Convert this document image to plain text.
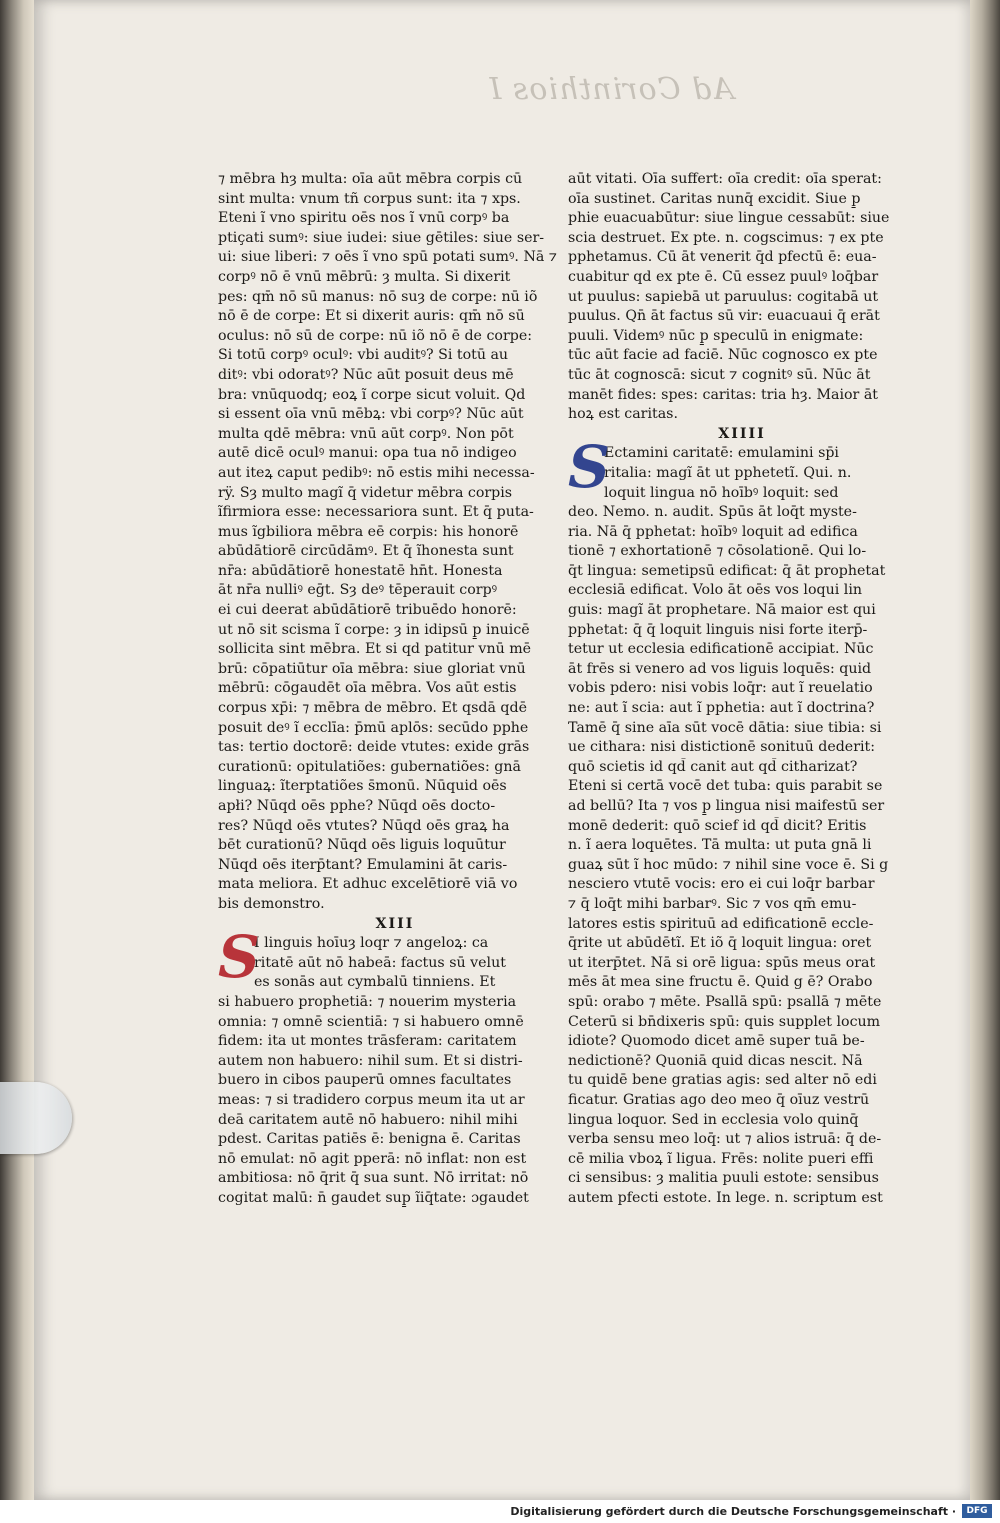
Ad Corinthios I
⁊ mēbra hȝ multa: oīa aūt mēbra corpis cū
sint multa: vnum tñ corpus sunt: ita ⁊ xps.
Eteni ĩ vno spiritu oēs nos ĩ vnū corpꝰ ba
ptiçati sumꝰ: siue iudei: siue gētiles: siue ser-
ui: siue liberi: ⁊ oēs ĩ vno spū potati sumꝰ. Nā ⁊
corpꝰ nō ē vnū mēbrū: ȝ multa. Si dixerit
pes: qm̄ nō sū manus: nō suȝ de corpe: nū iõ
nō ē de corpe: Et si dixerit auris: qm̄ nō sū
oculus: nō sū de corpe: nū iõ nō ē de corpe:
Si totū corpꝰ oculꝰ: vbi auditꝰ? Si totū au
ditꝰ: vbi odoratꝰ? Nūc aūt posuit deus mē
bra: vnūquodq; eoꝝ ĩ corpe sicut voluit. Qd
si essent oīa vnū mēbꝝ: vbi corpꝰ? Nūc aūt
multa qdē mēbra: vnū aūt corpꝰ. Non pōt
autē dicē oculꝰ manui: opa tua nō indigeo
aut iteꝝ caput pedibꝰ: nō estis mihi necessa-
rÿ. Sȝ multo magĩ q̄ videtur mēbra corpis
ĩfirmiora esse: necessariora sunt. Et q̄ puta-
mus ĩgbiliora mēbra eē corpis: his honorē
abūdātiorē circūdāmꝰ. Et q̄ ĩhonesta sunt
nr̄a: abūdātiorē honestatē hn̄t. Honesta
āt nr̄a nulliꝰ eḡt. Sȝ deꝰ tēperauit corpꝰ
ei cui deerat abūdātiorē tribuēdo honorē:
ut nō sit scisma ĩ corpe: ȝ in idipsū p̱ inuicē
sollicita sint mēbra. Et si qd patitur vnū mē
brū: cōpatiūtur oīa mēbra: siue gloriat vnū
mēbrū: cōgaudēt oīa mēbra. Vos aūt estis
corpus xp̄i: ⁊ mēbra de mēbro. Et qsdā qdē
posuit deꝰ ĩ ecclīa: p̄mū aplōs: secūdo pphe
tas: tertio doctorē: deide vtutes: exide grās
curationū: opitulatiões: gubernatiões: gnā
linguaꝝ: ĩterptatiões s̄monū. Nūquid oēs
apłi? Nūqd oēs pphe? Nūqd oēs docto-
res? Nūqd oēs vtutes? Nūqd oēs graꝝ ha
bēt curationū? Nūqd oēs liguis loquūtur
Nūqd oēs iterp̄tant? Emulamini āt caris-
mata meliora. Et adhuc excelētiorē viā vo
bis demonstro.
XIII
S
I linguis hoīuȝ loqr ⁊ angeloꝝ: ca
ritatē aūt nō habeā: factus sū velut
es sonās aut cymbalū tinniens. Et
si habuero prophetiā: ⁊ nouerim mysteria
omnia: ⁊ omnē scientiā: ⁊ si habuero omnē
fidem: ita ut montes trāsferam: caritatem
autem non habuero: nihil sum. Et si distri-
buero in cibos pauperū omnes facultates
meas: ⁊ si tradidero corpus meum ita ut ar
deā caritatem autē nō habuero: nihil mihi
pdest. Caritas patiēs ē: benigna ē. Caritas
nō emulat: nō agit pperā: nō inflat: non est
ambitiosa: nō q̄rit q̄ sua sunt. Nō irritat: nō
cogitat malū: n̄ gaudet sup̱ ĩiq̄tate: ɔgaudet
aūt vitati. Oīa suffert: oīa credit: oīa sperat:
oīa sustinet. Caritas nunq̄ excidit. Siue p̱
phie euacuabūtur: siue lingue cessabūt: siue
scia destruet. Ex pte. n. cogscimus: ⁊ ex pte
pphetamus. Cū āt venerit q̄d pfectū ē: eua-
cuabitur qd ex pte ē. Cū essez puulꝰ loq̄bar
ut puulus: sapiebā ut paruulus: cogitabā ut
puulus. Qn̄ āt factus sū vir: euacuaui q̄ erāt
puuli. Videmꝰ nūc p̱ speculū in enigmate:
tūc aūt facie ad faciē. Nūc cognosco ex pte
tūc āt cognoscā: sicut ⁊ cognitꝰ sū. Nūc āt
manēt fides: spes: caritas: tria hȝ. Maior āt
hoꝝ est caritas.
XIIII
S
Ectamini caritatē: emulamini sp̄i
ritalia: magĩ āt ut pphetetĩ. Qui. n.
loquit lingua nō hoībꝰ loquit: sed
deo. Nemo. n. audit. Spūs āt loq̄t myste-
ria. Nā q̄ pphetat: hoībꝰ loquit ad edifica
tionē ⁊ exhortationē ⁊ cōsolationē. Qui lo-
q̄t lingua: semetipsū edificat: q̄ āt prophetat
ecclesiā edificat. Volo āt oēs vos loqui lin
guis: magĩ āt prophetare. Nā maior est qui
pphetat: q̄ q̄ loquit linguis nisi forte iterp̄-
tetur ut ecclesia edificationē accipiat. Nūc
āt frēs si venero ad vos liguis loquēs: quid
vobis pdero: nisi vobis loq̄r: aut ĩ reuelatio
ne: aut ĩ scia: aut ĩ pphetia: aut ĩ doctrina?
Tamē q̄ sine aīa sūt vocē dātia: siue tibia: si
ue cithara: nisi distictionē sonituū dederit:
quō scietis id qd̄ canit aut qd̄ citharizat?
Eteni si certā vocē det tuba: quis parabit se
ad bellū? Ita ⁊ vos p̱ lingua nisi maifestū ser
monē dederit: quō scief id qd̄ dicit? Eritis
n. ĩ aera loquētes. Tā multa: ut puta gnā li
guaꝝ sūt ĩ hoc mūdo: ⁊ nihil sine voce ē. Si g
nesciero vtutē vocis: ero ei cui loq̄r barbar
⁊ q̄ loq̄t mihi barbarꝰ. Sic ⁊ vos qm̄ emu-
latores estis spirituū ad edificationē eccle-
q̄rite ut abūdētĩ. Et iõ q̄ loquit lingua: oret
ut iterp̄tet. Nā si orē ligua: spūs meus orat
mēs āt mea sine fructu ē. Quid g ē? Orabo
spū: orabo ⁊ mēte. Psallā spū: psallā ⁊ mēte
Ceterū si bn̄dixeris spū: quis supplet locum
idiote? Quomodo dicet amē super tuā be-
nedictionē? Quoniā quid dicas nescit. Nā
tu quidē bene gratias agis: sed alter nō edi
ficatur. Gratias ago deo meo q̄ oīuz vestrū
lingua loquor. Sed in ecclesia volo quinq̄
verba sensu meo loq̄: ut ⁊ alios istruā: q̄ de-
cē milia vboꝝ ĩ ligua. Frēs: nolite pueri effi
ci sensibus: ȝ malitia puuli estote: sensibus
autem pfecti estote. In lege. n. scriptum est
Digitalisierung gefördert durch die Deutsche Forschungsgemeinschaft ·	DFG
